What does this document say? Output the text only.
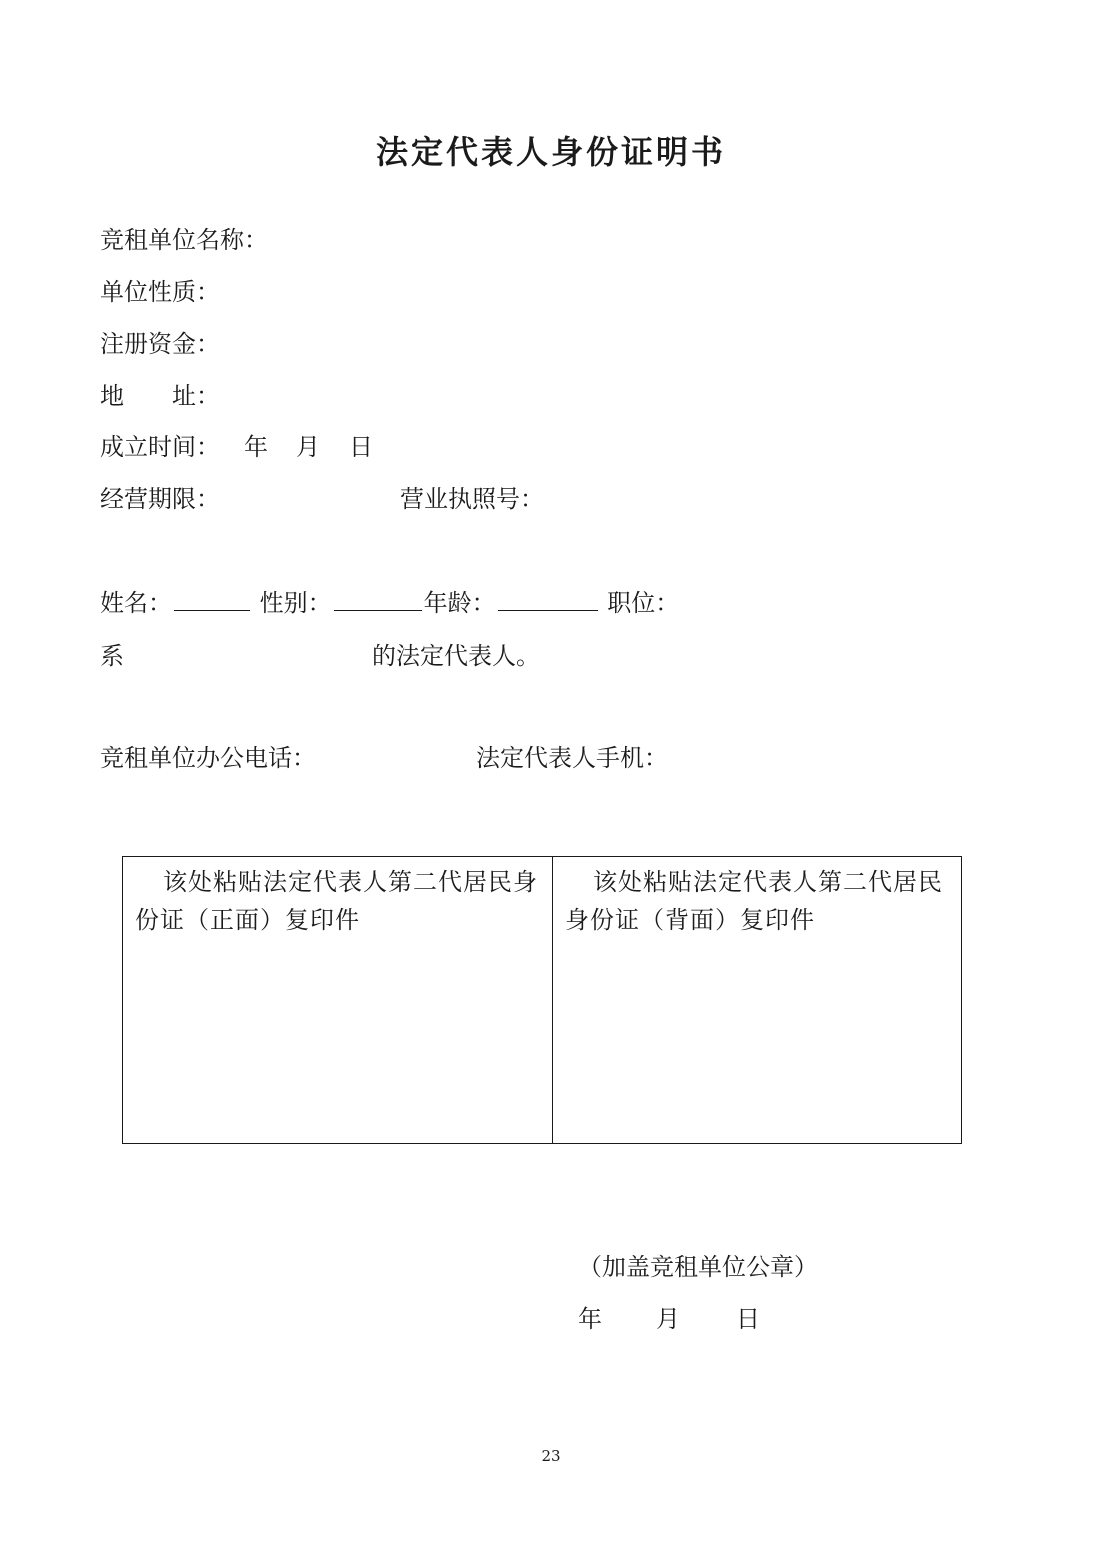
法定代表人身份证明书
竞租单位名称：
单位性质：
注册资金：
地　　址：
成立时间： 年 月 日
经营期限：	营业执照号：
姓名：	性别：	年龄：	职位：
系	的法定代表人。
竞租单位办公电话：	法定代表人手机：
该处粘贴法定代表人第二代居民身份证（正面）复印件
该处粘贴法定代表人第二代居民身份证（背面）复印件
（加盖竞租单位公章）
年 月 日
23
